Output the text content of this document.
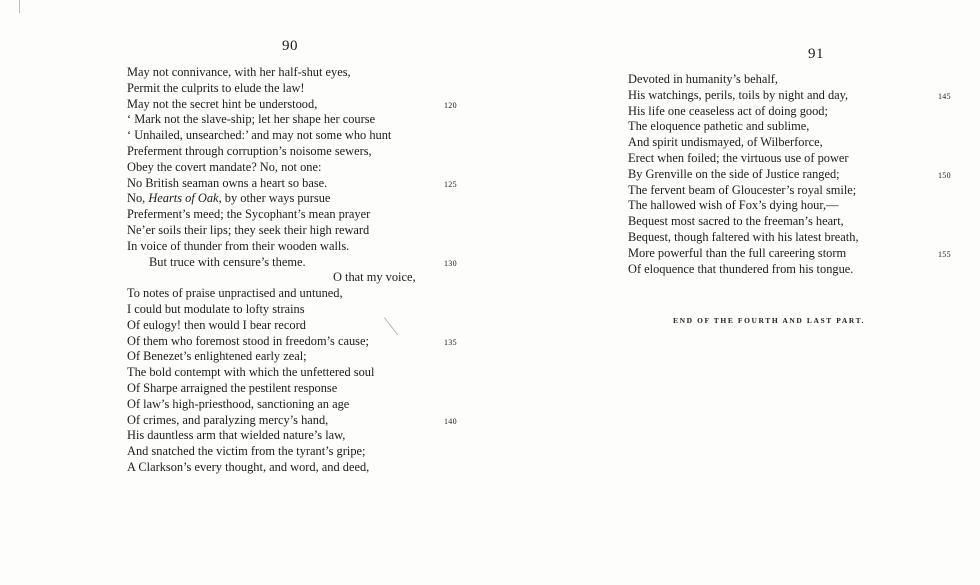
90
May not connivance, with her half-shut eyes,
Permit the culprits to elude the law!
May not the secret hint be understood,	120
‘ Mark not the slave-ship; let her shape her course
‘ Unhailed, unsearched:’ and may not some who hunt
Preferment through corruption’s noisome sewers,
Obey the covert mandate? No, not one:
No British seaman owns a heart so base.	125
No, Hearts of Oak, by other ways pursue
Preferment’s meed; the Sycophant’s mean prayer
Ne’er soils their lips; they seek their high reward
In voice of thunder from their wooden walls.
But truce with censure’s theme.	130
O that my voice,
To notes of praise unpractised and untuned,
I could but modulate to lofty strains
Of eulogy! then would I bear record
Of them who foremost stood in freedom’s cause;	135
Of Benezet’s enlightened early zeal;
The bold contempt with which the unfettered soul
Of Sharpe arraigned the pestilent response
Of law’s high-priesthood, sanctioning an age
Of crimes, and paralyzing mercy’s hand,	140
His dauntless arm that wielded nature’s law,
And snatched the victim from the tyrant’s gripe;
A Clarkson’s every thought, and word, and deed,
91
Devoted in humanity’s behalf,
His watchings, perils, toils by night and day,	145
His life one ceaseless act of doing good;
The eloquence pathetic and sublime,
And spirit undismayed, of Wilberforce,
Erect when foiled; the virtuous use of power
By Grenville on the side of Justice ranged;	150
The fervent beam of Gloucester’s royal smile;
The hallowed wish of Fox’s dying hour,—
Bequest most sacred to the freeman’s heart,
Bequest, though faltered with his latest breath,
More powerful than the full careering storm	155
Of eloquence that thundered from his tongue.
END OF THE FOURTH AND LAST PART.
